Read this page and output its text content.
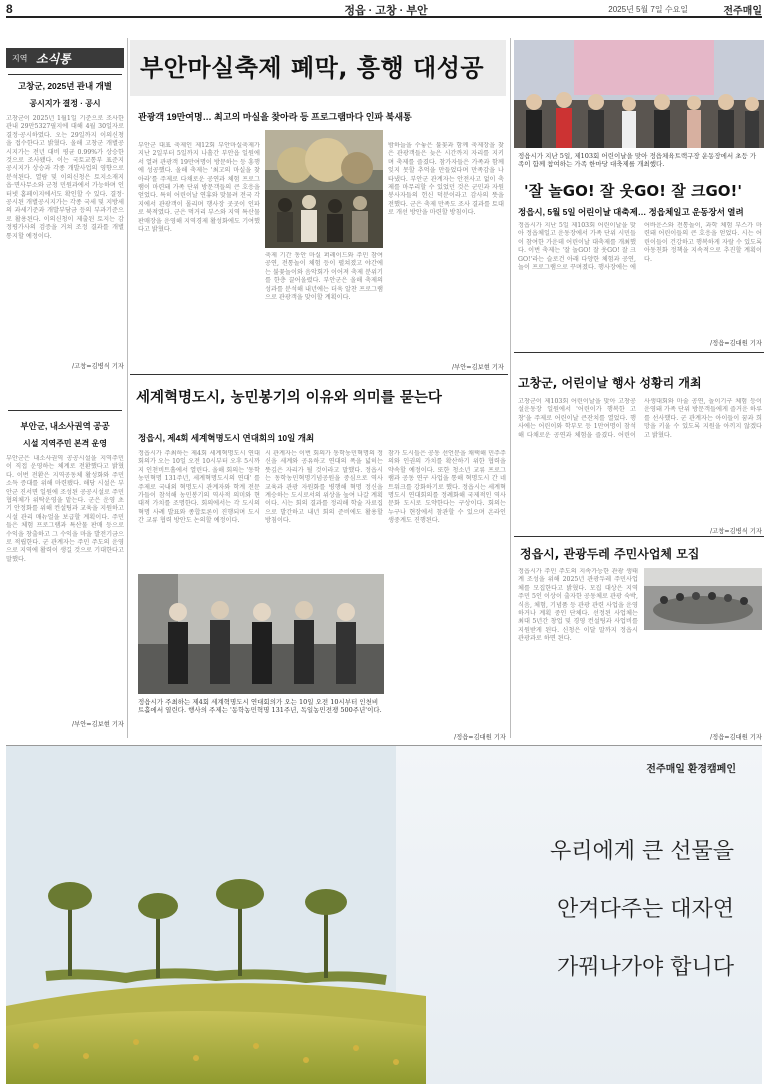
8	정읍 · 고창 · 부안	2025년 5월 7일 수요일	전주매일
지역 소식통
고창군, 2025년 관내 개별
공시지가 결정 · 공시
고창군이 2025년 1월1일 기준으로 조사한 관내 29만5327필지에 대해 4월 30일자로 결정·공시하였다. 오는 29일까지 이의신청을 접수한다고 밝혔다. 올해 고창군 개별공시지가는 전년 대비 평균 0.99%가 상승한 것으로 조사됐다. 이는 국토교통부 표준지 공시지가 상승과 각종 개발사업의 영향으로 분석된다. 열람 및 이의신청은 토지소재지 읍·면사무소와 군청 민원과에서 가능하며 인터넷 홈페이지에서도 확인할 수 있다. 결정·공시된 개별공시지가는 각종 국세 및 지방세의 과세기준과 개발부담금 등의 부과기준으로 활용된다. 이의신청이 제출된 토지는 감정평가사의 검증을 거쳐 조정 결과를 개별 통지할 예정이다.
/고창=김병식 기자
부안군, 내소사권역 공공
시설 지역주민 본격 운영
부안군은 내소사권역 공공시설을 지역주민이 직접 운영하는 체계로 전환했다고 밝혔다. 이번 전환은 지역공동체 활성화와 주민소득 증대를 위해 마련됐다. 해당 시설은 부안군 진서면 일원에 조성된 공공시설로 주민협의체가 위탁운영을 맡는다. 군은 운영 초기 안정화를 위해 컨설팅과 교육을 지원하고 시설 관리 매뉴얼을 보급할 계획이다. 주민들은 체험 프로그램과 특산물 판매 등으로 수익을 창출하고 그 수익을 마을 발전기금으로 적립한다. 군 관계자는 주민 주도의 운영으로 지역에 활력이 생길 것으로 기대한다고 말했다.
/부안=김보현 기자
부안마실축제 폐막, 흥행 대성공
관광객 19만여명… 최고의 마실을 찾아라 등 프로그램마다 인파 북새통
부안군 대표 축제인 제12회 부안마실축제가 지난 2일부터 5일까지 나흘간 부안읍 일원에서 열려 관광객 19만여명이 방문하는 등 흥행에 성공했다. 올해 축제는 '최고의 마실을 찾아라'를 주제로 다채로운 공연과 체험 프로그램이 마련돼 가족 단위 방문객들의 큰 호응을 얻었다. 특히 어린이날 연휴와 맞물려 전국 각지에서 관광객이 몰리며 행사장 곳곳이 인파로 북적였다. 군은 먹거리 부스와 지역 특산물 판매장을 운영해 지역경제 활성화에도 기여했다고 밝혔다.
축제 기간 동안 마실 퍼레이드와 주민 참여 공연, 전통놀이 체험 등이 펼쳐졌고 야간에는 불꽃놀이와 음악회가 이어져 축제 분위기를 한층 끌어올렸다. 부안군은 올해 축제의 성과를 분석해 내년에는 더욱 알찬 프로그램으로 관광객을 맞이할 계획이다.
밤하늘을 수놓은 불꽃과 함께 축제장을 찾은 관광객들은 늦은 시간까지 자리를 지키며 축제를 즐겼다. 참가자들은 가족과 함께 잊지 못할 추억을 만들었다며 만족감을 나타냈다. 부안군 관계자는 안전사고 없이 축제를 마무리할 수 있었던 것은 군민과 자원봉사자들의 헌신 덕분이라고 감사의 뜻을 전했다. 군은 축제 만족도 조사 결과를 토대로 개선 방안을 마련할 방침이다.
/부안=김보현 기자
정읍시가 지난 5일, 제103회 어린이날을 맞아 정읍체육트랙구장 운동장에서 초등 가족이 함께 참여하는 가족 한마당 대축제를 개최했다.
'잘 놀GO! 잘 웃GO! 잘 크GO!'
정읍시, 5월 5일 어린이날 대축제… 정읍체일고 운동장서 열려
정읍시가 지난 5일 제103회 어린이날을 맞아 정읍체일고 운동장에서 가족 단위 시민들이 참여한 가운데 어린이날 대축제를 개최했다. 이번 축제는 '잘 놀GO! 잘 웃GO! 잘 크GO!'라는 슬로건 아래 다양한 체험과 공연, 놀이 프로그램으로 꾸며졌다. 행사장에는 에어바운스와 전통놀이, 과학 체험 부스가 마련돼 어린이들의 큰 호응을 얻었다. 시는 어린이들이 건강하고 행복하게 자랄 수 있도록 아동친화 정책을 지속적으로 추진할 계획이다.
/정읍=김대원 기자
고창군, 어린이날 행사 성황리 개최
고창군이 제103회 어린이날을 맞아 고창공설운동장 일원에서 '어린이가 행복한 고창'을 주제로 어린이날 큰잔치를 열었다. 행사에는 어린이와 학부모 등 1만여명이 참석해 다채로운 공연과 체험을 즐겼다. 어린이 사생대회와 마술 공연, 놀이기구 체험 등이 운영돼 가족 단위 방문객들에게 즐거운 하루를 선사했다. 군 관계자는 아이들이 꿈과 희망을 키울 수 있도록 지원을 아끼지 않겠다고 밝혔다.
/고창=김병식 기자
정읍시, 관광두레 주민사업체 모집
정읍시가 주민 주도의 지속가능한 관광 생태계 조성을 위해 2025년 관광두레 주민사업체를 모집한다고 밝혔다. 모집 대상은 지역 주민 5인 이상이 출자한 공동체로 관광 숙박, 식음, 체험, 기념품 등 관광 관련 사업을 운영하거나 계획 중인 단체다. 선정된 사업체는 최대 5년간 창업 및 경영 컨설팅과 사업비를 지원받게 된다. 신청은 이달 말까지 정읍시 관광과로 하면 된다.
/정읍=김대원 기자
세계혁명도시, 농민봉기의 이유와 의미를 묻는다
정읍시, 제4회 세계혁명도시 연대회의 10일 개최
정읍시가 주최하는 제4회 세계혁명도시 연대회의가 오는 10일 오전 10시부터 오후 5시까지 인천비트홀에서 열린다. 올해 회의는 '동학농민혁명 131주년, 세계혁명도시의 연대' 를 주제로 국내외 혁명도시 관계자와 학계 전문가들이 참석해 농민봉기의 역사적 의미와 현대적 가치를 조명한다. 회의에서는 각 도시의 혁명 사례 발표와 종합토론이 진행되며 도시 간 교류 협력 방안도 논의할 예정이다.
시 관계자는 이번 회의가 동학농민혁명의 정신을 세계와 공유하고 연대의 폭을 넓히는 뜻깊은 자리가 될 것이라고 말했다. 정읍시는 동학농민혁명기념공원을 중심으로 역사 교육과 관광 자원화를 병행해 혁명 정신을 계승하는 도시로서의 위상을 높여 나갈 계획이다. 시는 회의 결과를 정리해 학술 자료집으로 발간하고 내년 회의 준비에도 활용할 방침이다.
정읍시가 주최하는 제4회 세계혁명도시 연대회의가 오는 10일 오전 10시부터 인천비트홀에서 열린다. 행사의 주제는 '동학농민혁명 131주년, 독일농민전쟁 500주년'이다.
참가 도시들은 공동 선언문을 채택해 민주주의와 인권의 가치를 확산하기 위한 협력을 약속할 예정이다. 또한 청소년 교류 프로그램과 공동 연구 사업을 통해 혁명도시 간 네트워크를 강화하기로 했다. 정읍시는 세계혁명도시 연대회의를 정례화해 국제적인 역사 문화 도시로 도약한다는 구상이다. 회의는 누구나 현장에서 참관할 수 있으며 온라인 생중계도 진행된다.
/정읍=김대원 기자
전주매일 환경캠페인
우리에게 큰 선물을
안겨다주는 대자연
가꿔나가야 합니다
